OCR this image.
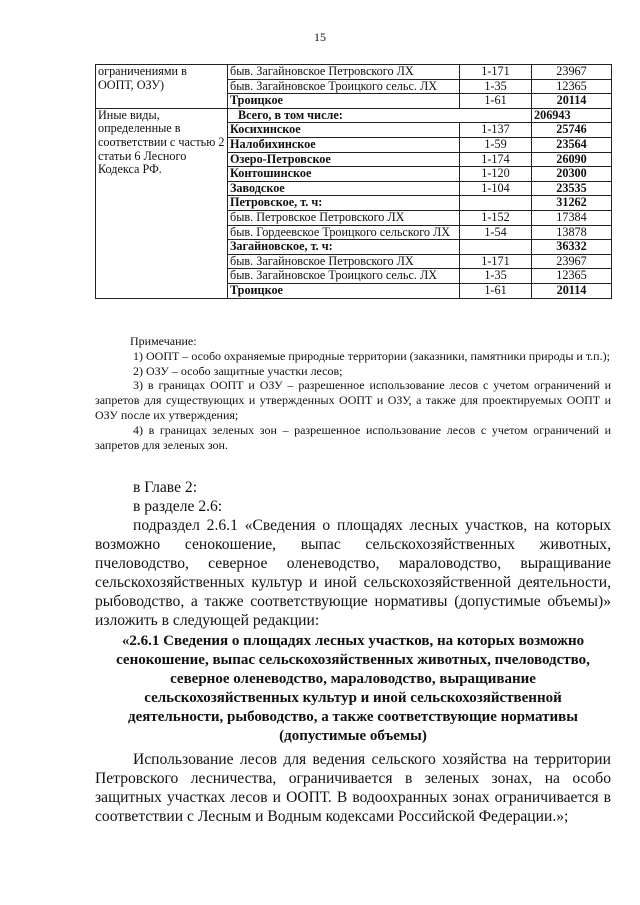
15
ограничениями в ООПТ, ОЗУ)	быв. Загайновское Петровского ЛХ	1-171	23967
	быв. Загайновское Троицкого сельс. ЛХ	1-35	12365
	Троицкое	1-61	20114
Иные виды, определенные в соответствии с частью 2 статьи 6 Лесного Кодекса РФ.	Всего, в том числе:		206943
	Косихинское	1-137	25746
	Налобихинское	1-59	23564
	Озеро-Петровское	1-174	26090
	Контошинское	1-120	20300
	Заводское	1-104	23535
	Петровское, т. ч:		31262
	быв. Петровское Петровского ЛХ	1-152	17384
	быв. Гордеевское Троицкого сельского ЛХ	1-54	13878
	Загайновское, т. ч:		36332
	быв. Загайновское Петровского ЛХ	1-171	23967
	быв. Загайновское Троицкого сельс. ЛХ	1-35	12365
	Троицкое	1-61	20114

Примечание:

1) ООПТ – особо охраняемые природные территории (заказники, памятники природы и т.п.);

2) ОЗУ – особо защитные участки лесов;

3) в границах ООПТ и ОЗУ – разрешенное использование лесов с учетом ограничений и запретов для существующих и утвержденных ООПТ и ОЗУ, а также для проектируемых ООПТ и ОЗУ после их утверждения;

4) в границах зеленых зон – разрешенное использование лесов с учетом ограничений и запретов для зеленых зон.

в Главе 2:

в разделе 2.6:

подраздел 2.6.1 «Сведения о площадях лесных участков, на которых возможно сенокошение, выпас сельскохозяйственных животных, пчеловодство, северное оленеводство, мараловодство, выращивание сельскохозяйственных культур и иной сельскохозяйственной деятельности, рыбоводство, а также соответствующие нормативы (допустимые объемы)» изложить в следующей редакции:

«2.6.1 Сведения о площадях лесных участков, на которых возможно сенокошение, выпас сельскохозяйственных животных, пчеловодство, северное оленеводство, мараловодство, выращивание сельскохозяйственных культур и иной сельскохозяйственной деятельности, рыбоводство, а также соответствующие нормативы (допустимые объемы)

Использование лесов для ведения сельского хозяйства на территории Петровского лесничества, ограничивается в зеленых зонах, на особо защитных участках лесов и ООПТ. В водоохранных зонах ограничивается в соответствии с Лесным и Водным кодексами Российской Федерации.»;
